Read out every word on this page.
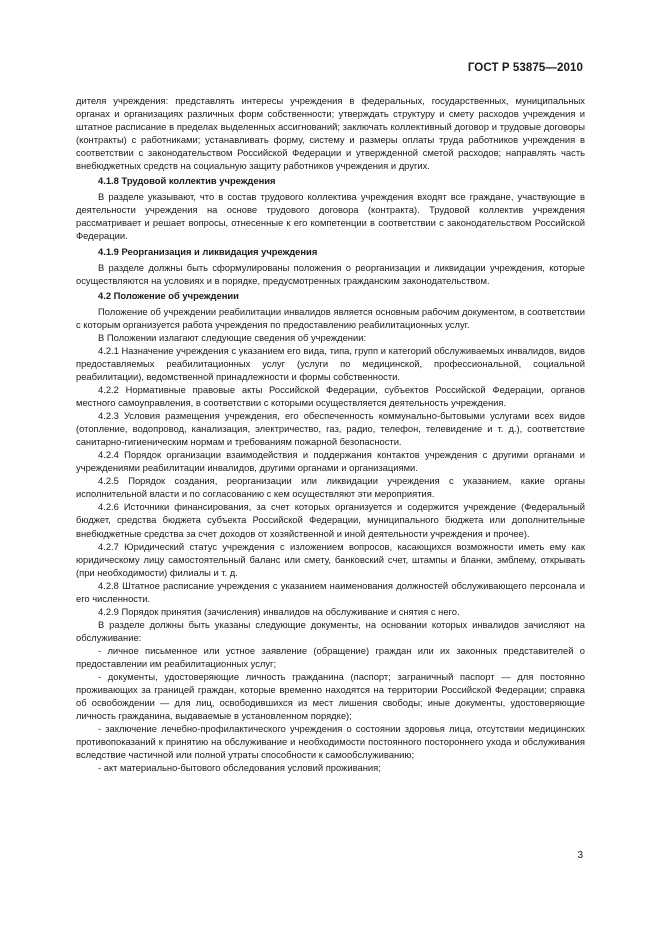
ГОСТ Р 53875—2010

дителя учреждения: представлять интересы учреждения в федеральных, государственных, муниципальных органах и организациях различных форм собственности; утверждать структуру и смету расходов учреждения и штатное расписание в пределах выделенных ассигнований; заключать коллективный договор и трудовые договоры (контракты) с работниками; устанавливать форму, систему и размеры оплаты труда работников учреждения в соответствии с законодательством Российской Федерации и утвержденной сметой расходов; направлять часть внебюджетных средств на социальную защиту работников учреждения и других.

4.1.8 Трудовой коллектив учреждения

В разделе указывают, что в состав трудового коллектива учреждения входят все граждане, участвующие в деятельности учреждения на основе трудового договора (контракта). Трудовой коллектив учреждения рассматривает и решает вопросы, отнесенные к его компетенции в соответствии с законодательством Российской Федерации.

4.1.9 Реорганизация и ликвидация учреждения

В разделе должны быть сформулированы положения о реорганизации и ликвидации учреждения, которые осуществляются на условиях и в порядке, предусмотренных гражданским законодательством.

4.2 Положение об учреждении

Положение об учреждении реабилитации инвалидов является основным рабочим документом, в соответствии с которым организуется работа учреждения по предоставлению реабилитационных услуг.

В Положении излагают следующие сведения об учреждении:

4.2.1 Назначение учреждения с указанием его вида, типа, групп и категорий обслуживаемых инвалидов, видов предоставляемых реабилитационных услуг (услуги по медицинской, профессиональной, социальной реабилитации), ведомственной принадлежности и формы собственности.

4.2.2 Нормативные правовые акты Российской Федерации, субъектов Российской Федерации, органов местного самоуправления, в соответствии с которыми осуществляется деятельность учреждения.

4.2.3 Условия размещения учреждения, его обеспеченность коммунально-бытовыми услугами всех видов (отопление, водопровод, канализация, электричество, газ, радио, телефон, телевидение и т. д.), соответствие санитарно-гигиеническим нормам и требованиям пожарной безопасности.

4.2.4 Порядок организации взаимодействия и поддержания контактов учреждения с другими органами и учреждениями реабилитации инвалидов, другими органами и организациями.

4.2.5 Порядок создания, реорганизации или ликвидации учреждения с указанием, какие органы исполнительной власти и по согласованию с кем осуществляют эти мероприятия.

4.2.6 Источники финансирования, за счет которых организуется и содержится учреждение (Федеральный бюджет, средства бюджета субъекта Российской Федерации, муниципального бюджета или дополнительные внебюджетные средства за счет доходов от хозяйственной и иной деятельности учреждения и прочее).

4.2.7 Юридический статус учреждения с изложением вопросов, касающихся возможности иметь ему как юридическому лицу самостоятельный баланс или смету, банковский счет, штампы и бланки, эмблему, открывать (при необходимости) филиалы и т. д.

4.2.8 Штатное расписание учреждения с указанием наименования должностей обслуживающего персонала и его численности.

4.2.9 Порядок принятия (зачисления) инвалидов на обслуживание и снятия с него.

В разделе должны быть указаны следующие документы, на основании которых инвалидов зачисляют на обслуживание:

- личное письменное или устное заявление (обращение) граждан или их законных представителей о предоставлении им реабилитационных услуг;

- документы, удостоверяющие личность гражданина (паспорт; заграничный паспорт — для постоянно проживающих за границей граждан, которые временно находятся на территории Российской Федерации; справка об освобождении — для лиц, освободившихся из мест лишения свободы; иные документы, удостоверяющие личность гражданина, выдаваемые в установленном порядке);

- заключение лечебно-профилактического учреждения о состоянии здоровья лица, отсутствии медицинских противопоказаний к принятию на обслуживание и необходимости постоянного постороннего ухода и обслуживания вследствие частичной или полной утраты способности к самообслуживанию;

- акт материально-бытового обследования условий проживания;

3
